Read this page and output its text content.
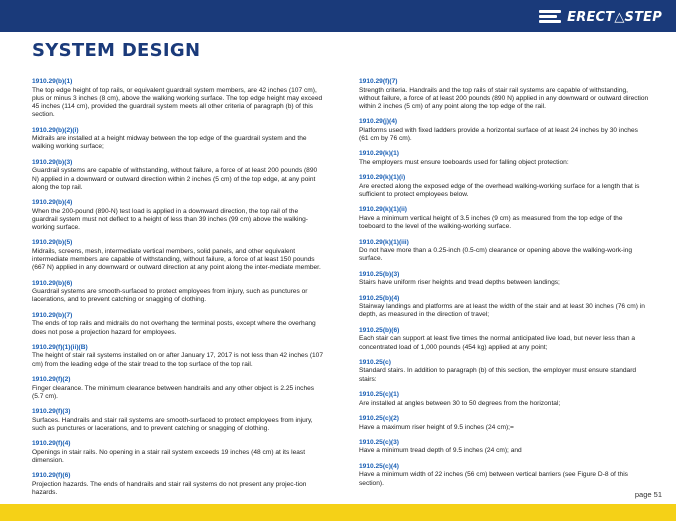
ERECT△STEP
SYSTEM DESIGN
1910.29(b)(1)
The top edge height of top rails, or equivalent guardrail system members, are 42 inches (107 cm), plus or minus 3 inches (8 cm), above the walking working surface. The top edge height may exceed 45 inches (114 cm), provided the guardrail system meets all other criteria of paragraph (b) of this section.
1910.29(b)(2)(i)
Midrails are installed at a height midway between the top edge of the guardrail system and the walking working surface;
1910.29(b)(3)
Guardrail systems are capable of withstanding, without failure, a force of at least 200 pounds (890 N) applied in a downward or outward direction within 2 inches (5 cm) of the top edge, at any point along the top rail.
1910.29(b)(4)
When the 200-pound (890-N) test load is applied in a downward direction, the top rail of the guardrail system must not deflect to a height of less than 39 inches (99 cm) above the walking-working surface.
1910.29(b)(5)
Midrails, screens, mesh, intermediate vertical members, solid panels, and other equivalent intermediate members are capable of withstanding, without failure, a force of at least 150 pounds (667 N) applied in any downward or outward direction at any point along the inter-mediate member.
1910.29(b)(6)
Guardrail systems are smooth-surfaced to protect employees from injury, such as punctures or lacerations, and to prevent catching or snagging of clothing.
1910.29(b)(7)
The ends of top rails and midrails do not overhang the terminal posts, except where the overhang does not pose a projection hazard for employees.
1910.29(f)(1)(ii)(B)
The height of stair rail systems installed on or after January 17, 2017 is not less than 42 inches (107 cm) from the leading edge of the stair tread to the top surface of the top rail.
1910.29(f)(2)
Finger clearance. The minimum clearance between handrails and any other object is 2.25 inches (5.7 cm).
1910.29(f)(3)
Surfaces. Handrails and stair rail systems are smooth-surfaced to protect employees from injury, such as punctures or lacerations, and to prevent catching or snagging of clothing.
1910.29(f)(4)
Openings in stair rails. No opening in a stair rail system exceeds 19 inches (48 cm) at its least dimension.
1910.29(f)(6)
Projection hazards. The ends of handrails and stair rail systems do not present any projec-tion hazards.
1910.29(f)(7)
Strength criteria. Handrails and the top rails of stair rail systems are capable of withstanding, without failure, a force of at least 200 pounds (890 N) applied in any downward or outward direction within 2 inches (5 cm) of any point along the top edge of the rail.
1910.29(j)(4)
Platforms used with fixed ladders provide a horizontal surface of at least 24 inches by 30 inches (61 cm by 76 cm).
1910.29(k)(1)
The employers must ensure toeboards used for falling object protection:
1910.29(k)(1)(i)
Are erected along the exposed edge of the overhead walking-working surface for a length that is sufficient to protect employees below.
1910.29(k)(1)(ii)
Have a minimum vertical height of 3.5 inches (9 cm) as measured from the top edge of the toeboard to the level of the walking-working surface.
1910.29(k)(1)(iii)
Do not have more than a 0.25-inch (0.5-cm) clearance or opening above the walking-work-ing surface.
1910.25(b)(3)
Stairs have uniform riser heights and tread depths between landings;
1910.25(b)(4)
Stairway landings and platforms are at least the width of the stair and at least 30 inches (76 cm) in depth, as measured in the direction of travel;
1910.25(b)(6)
Each stair can support at least five times the normal anticipated live load, but never less than a concentrated load of 1,000 pounds (454 kg) applied at any point;
1910.25(c)
Standard stairs. In addition to paragraph (b) of this section, the employer must ensure standard stairs:
1910.25(c)(1)
Are installed at angles between 30 to 50 degrees from the horizontal;
1910.25(c)(2)
Have a maximum riser height of 9.5 inches (24 cm);=
1910.25(c)(3)
Have a minimum tread depth of 9.5 inches (24 cm); and
1910.25(c)(4)
Have a minimum width of 22 inches (56 cm) between vertical barriers (see Figure D-8 of this section).
page 51
